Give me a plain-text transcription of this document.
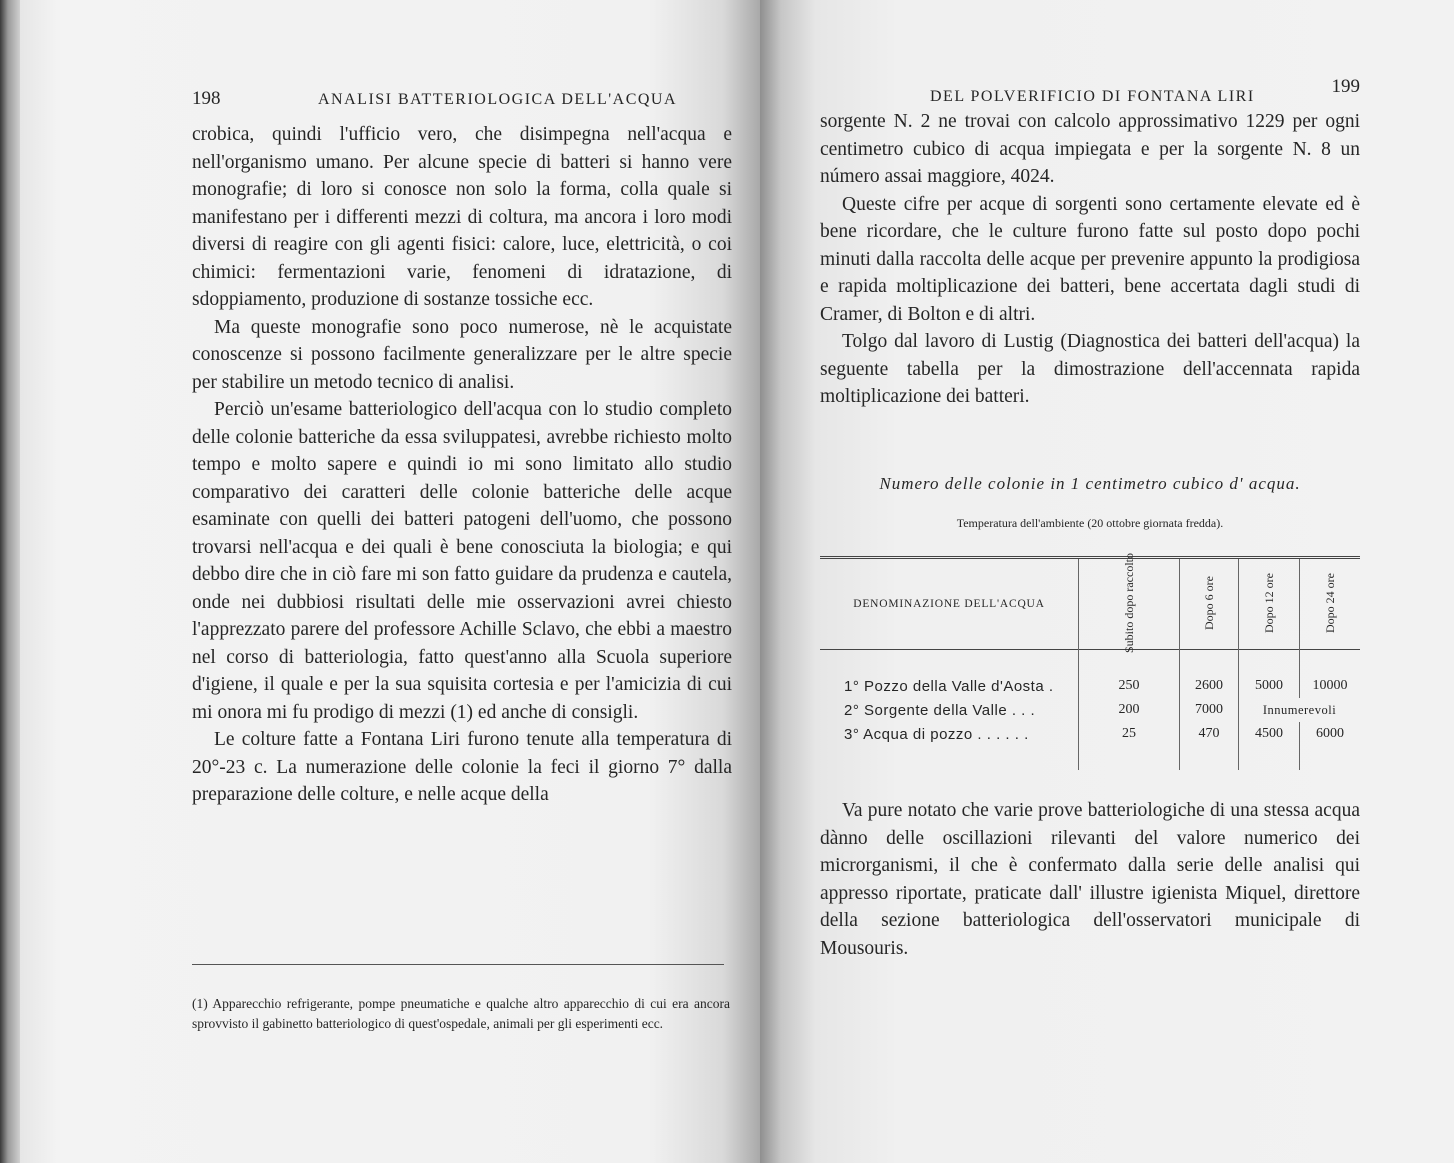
198	ANALISI BATTERIOLOGICA DELL'ACQUA

crobica, quindi l'ufficio vero, che disimpegna nell'acqua e nell'organismo umano. Per alcune specie di batteri si hanno vere monografie; di loro si conosce non solo la forma, colla quale si manifestano per i differenti mezzi di coltura, ma ancora i loro modi diversi di reagire con gli agenti fisici: calore, luce, elettricità, o coi chimici: fermentazioni varie, fenomeni di idratazione, di sdoppiamento, produzione di sostanze tossiche ecc.

Ma queste monografie sono poco numerose, nè le acquistate conoscenze si possono facilmente generalizzare per le altre specie per stabilire un metodo tecnico di analisi.

Perciò un'esame batteriologico dell'acqua con lo studio completo delle colonie batteriche da essa sviluppatesi, avrebbe richiesto molto tempo e molto sapere e quindi io mi sono limitato allo studio comparativo dei caratteri delle colonie batteriche delle acque esaminate con quelli dei batteri patogeni dell'uomo, che possono trovarsi nell'acqua e dei quali è bene conosciuta la biologia; e qui debbo dire che in ciò fare mi son fatto guidare da prudenza e cautela, onde nei dubbiosi risultati delle mie osservazioni avrei chiesto l'apprezzato parere del professore Achille Sclavo, che ebbi a maestro nel corso di batteriologia, fatto quest'anno alla Scuola superiore d'igiene, il quale e per la sua squisita cortesia e per l'amicizia di cui mi onora mi fu prodigo di mezzi (1) ed anche di consigli.

Le colture fatte a Fontana Liri furono tenute alla temperatura di 20°-23 c. La numerazione delle colonie la feci il giorno 7° dalla preparazione delle colture, e nelle acque della

(1) Apparecchio refrigerante, pompe pneumatiche e qualche altro apparecchio di cui era ancora sprovvisto il gabinetto batteriologico di quest'ospedale, animali per gli esperimenti ecc.
DEL POLVERIFICIO DI FONTANA LIRI	199

sorgente N. 2 ne trovai con calcolo approssimativo 1229 per ogni centimetro cubico di acqua impiegata e per la sorgente N. 8 un número assai maggiore, 4024.

Queste cifre per acque di sorgenti sono certamente elevate ed è bene ricordare, che le culture furono fatte sul posto dopo pochi minuti dalla raccolta delle acque per prevenire appunto la prodigiosa e rapida moltiplicazione dei batteri, bene accertata dagli studi di Cramer, di Bolton e di altri.

Tolgo dal lavoro di Lustig (Diagnostica dei batteri dell'acqua) la seguente tabella per la dimostrazione dell'accennata rapida moltiplicazione dei batteri.

Numero delle colonie in 1 centimetro cubico d' acqua.
Temperatura dell'ambiente (20 ottobre giornata fredda).
DENOMINAZIONE DELL'ACQUA	Subito dopo raccolto	Dopo 6 ore	Dopo 12 ore	Dopo 24 ore
1° Pozzo della Valle d'Aosta .	250	2600	5000	10000
2° Sorgente della Valle . . .	200	7000	Innumerevoli	
3° Acqua di pozzo . . . . . .	25	470	4500	6000

Va pure notato che varie prove batteriologiche di una stessa acqua dànno delle oscillazioni rilevanti del valore numerico dei microrganismi, il che è confermato dalla serie delle analisi qui appresso riportate, praticate dall' illustre igienista Miquel, direttore della sezione batteriologica dell'osservatori municipale di Mousouris.
